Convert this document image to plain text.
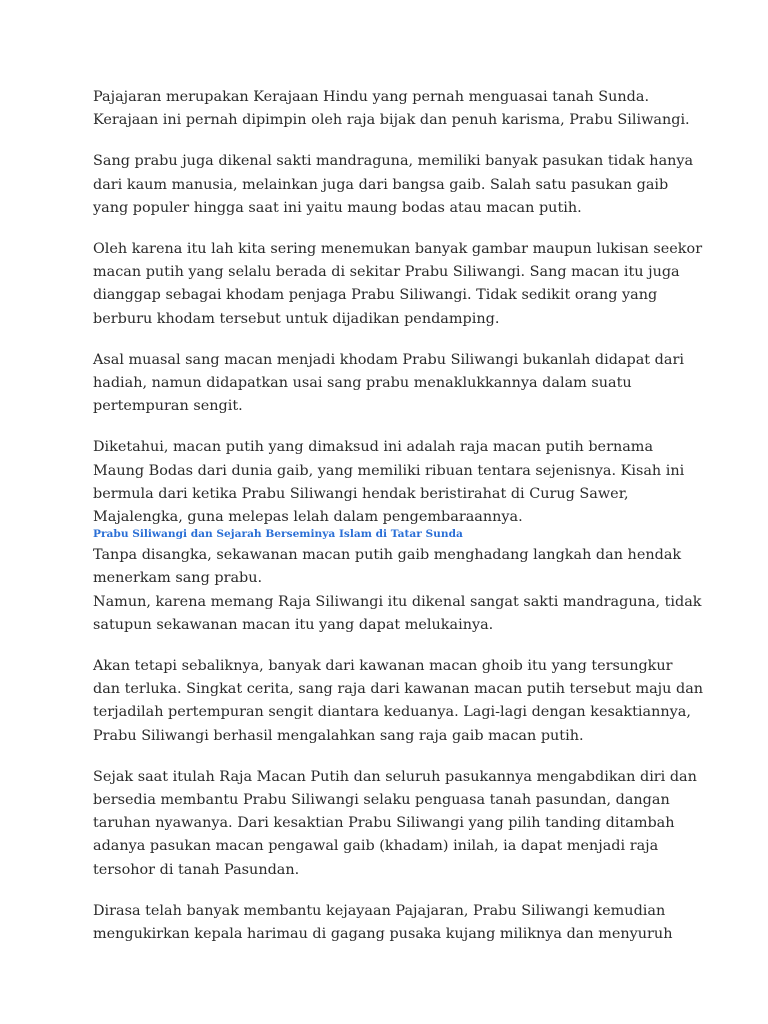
Pajajaran merupakan Kerajaan Hindu yang pernah menguasai tanah Sunda.
Kerajaan ini pernah dipimpin oleh raja bijak dan penuh karisma, Prabu Siliwangi.

Sang prabu juga dikenal sakti mandraguna, memiliki banyak pasukan tidak hanya
dari kaum manusia, melainkan juga dari bangsa gaib. Salah satu pasukan gaib
yang populer hingga saat ini yaitu maung bodas atau macan putih.

Oleh karena itu lah kita sering menemukan banyak gambar maupun lukisan seekor
macan putih yang selalu berada di sekitar Prabu Siliwangi. Sang macan itu juga
dianggap sebagai khodam penjaga Prabu Siliwangi. Tidak sedikit orang yang
berburu khodam tersebut untuk dijadikan pendamping.

Asal muasal sang macan menjadi khodam Prabu Siliwangi bukanlah didapat dari
hadiah, namun didapatkan usai sang prabu menaklukkannya dalam suatu
pertempuran sengit.

Diketahui, macan putih yang dimaksud ini adalah raja macan putih bernama
Maung Bodas dari dunia gaib, yang memiliki ribuan tentara sejenisnya. Kisah ini
bermula dari ketika Prabu Siliwangi hendak beristirahat di Curug Sawer,
Majalengka, guna melepas lelah dalam pengembaraannya.

Prabu Siliwangi dan Sejarah Berseminya Islam di Tatar Sunda

Tanpa disangka, sekawanan macan putih gaib menghadang langkah dan hendak
menerkam sang prabu.
Namun, karena memang Raja Siliwangi itu dikenal sangat sakti mandraguna, tidak
satupun sekawanan macan itu yang dapat melukainya.

Akan tetapi sebaliknya, banyak dari kawanan macan ghoib itu yang tersungkur
dan terluka. Singkat cerita, sang raja dari kawanan macan putih tersebut maju dan
terjadilah pertempuran sengit diantara keduanya. Lagi-lagi dengan kesaktiannya,
Prabu Siliwangi berhasil mengalahkan sang raja gaib macan putih.

Sejak saat itulah Raja Macan Putih dan seluruh pasukannya mengabdikan diri dan
bersedia membantu Prabu Siliwangi selaku penguasa tanah pasundan, dangan
taruhan nyawanya. Dari kesaktian Prabu Siliwangi yang pilih tanding ditambah
adanya pasukan macan pengawal gaib (khadam) inilah, ia dapat menjadi raja
tersohor di tanah Pasundan.

Dirasa telah banyak membantu kejayaan Pajajaran, Prabu Siliwangi kemudian
mengukirkan kepala harimau di gagang pusaka kujang miliknya dan menyuruh
